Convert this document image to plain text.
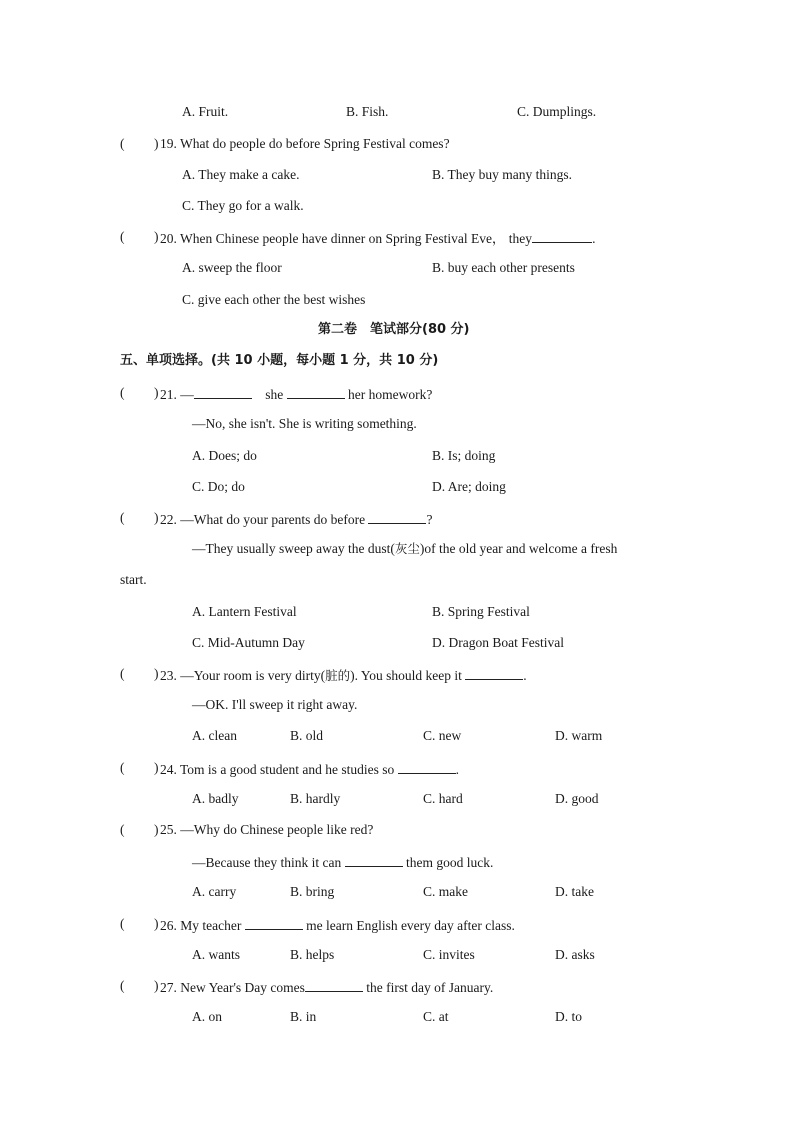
A. Fruit.	B. Fish.	C. Dumplings.
( ) 19. What do people do before Spring Festival comes?
A. They make a cake.	B. They buy many things.
C. They go for a walk.
( ) 20. When Chinese people have dinner on Spring Festival Eve， they	.
A. sweep the floor	B. buy each other presents
C. give each other the best wishes
第二卷　笔试部分(80 分)
五、单项选择。(共 10 小题，每小题 1 分，共 10 分)
( ) 21. —	she	her homework?
—No, she isn't. She is writing something.
A. Does; do	B. Is; doing
C. Do; do	D. Are; doing
( ) 22. —What do your parents do before	?
—They usually sweep away the dust(灰尘)of the old year and welcome a fresh
start.
A. Lantern Festival	B. Spring Festival
C. Mid-Autumn Day	D. Dragon Boat Festival
( ) 23. —Your room is very dirty(脏的). You should keep it	.
—OK. I'll sweep it right away.
A. clean	B. old	C. new	D. warm
( ) 24. Tom is a good student and he studies so	.
A. badly	B. hardly	C. hard	D. good
( ) 25. —Why do Chinese people like red?
—Because they think it can	them good luck.
A. carry	B. bring	C. make	D. take
( ) 26. My teacher	me learn English every day after class.
A. wants	B. helps	C. invites	D. asks
( ) 27. New Year's Day comes	the first day of January.
A. on	B. in	C. at	D. to
